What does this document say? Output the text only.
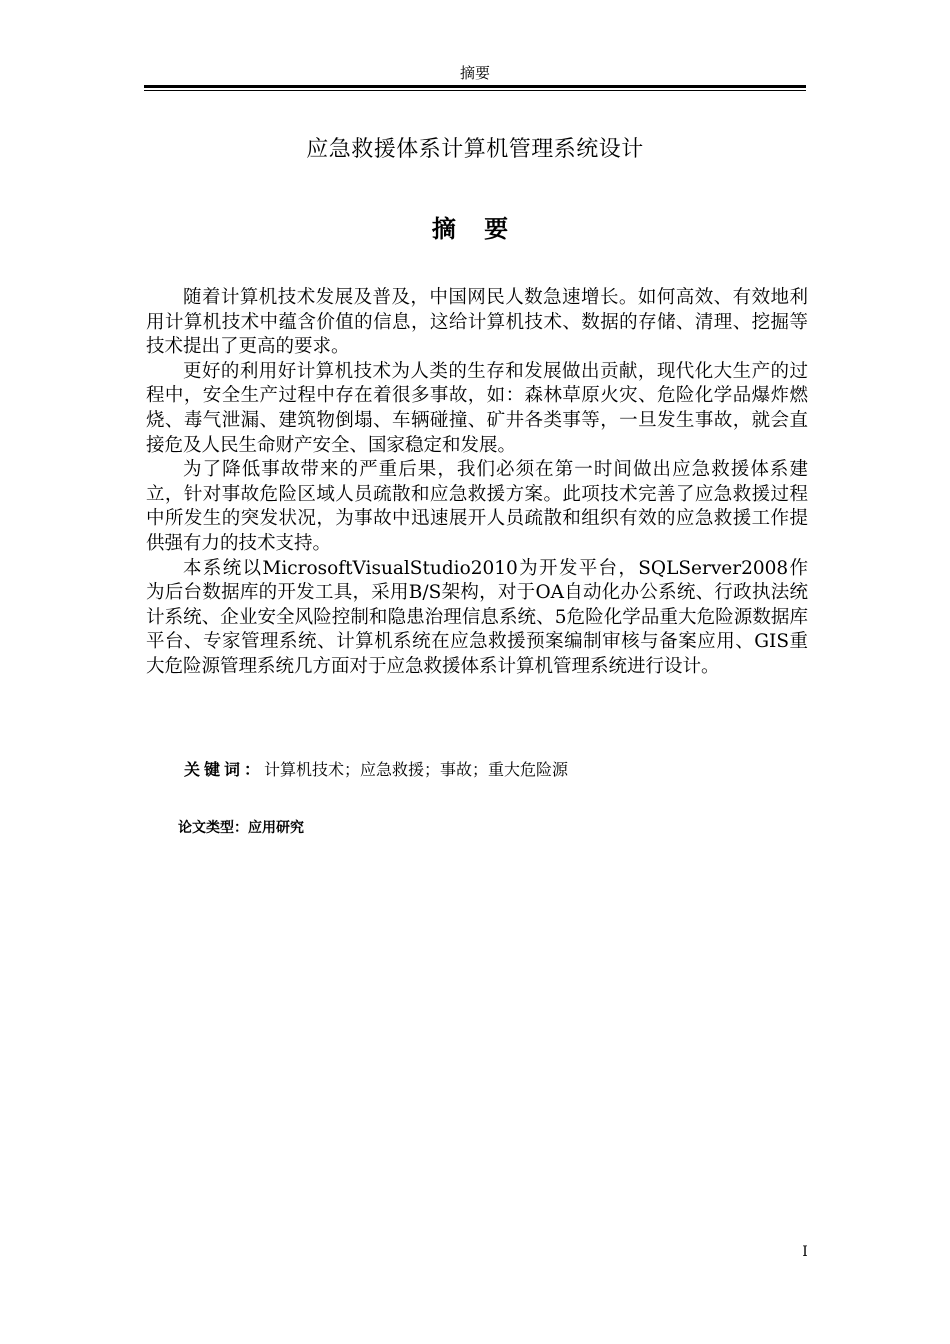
摘要
应急救援体系计算机管理系统设计
摘 要

随着计算机技术发展及普及，中国网民人数急速增长。如何高效、有效地利用计算机技术中蕴含价值的信息，这给计算机技术、数据的存储、清理、挖掘等技术提出了更高的要求。

更好的利用好计算机技术为人类的生存和发展做出贡献，现代化大生产的过程中，安全生产过程中存在着很多事故，如：森林草原火灾、危险化学品爆炸燃烧、毒气泄漏、建筑物倒塌、车辆碰撞、矿井各类事等，一旦发生事故，就会直接危及人民生命财产安全、国家稳定和发展。

为了降低事故带来的严重后果，我们必须在第一时间做出应急救援体系建立，针对事故危险区域人员疏散和应急救援方案。此项技术完善了应急救援过程中所发生的突发状况，为事故中迅速展开人员疏散和组织有效的应急救援工作提供强有力的技术支持。

本系统以MicrosoftVisualStudio2010为开发平台，SQLServer2008作为后台数据库的开发工具，采用B/S架构，对于OA自动化办公系统、行政执法统计系统、企业安全风险控制和隐患治理信息系统、5危险化学品重大危险源数据库平台、专家管理系统、计算机系统在应急救援预案编制审核与备案应用、GIS重大危险源管理系统几方面对于应急救援体系计算机管理系统进行设计。

关键词：计算机技术；应急救援；事故；重大危险源
论文类型：应用研究
I
